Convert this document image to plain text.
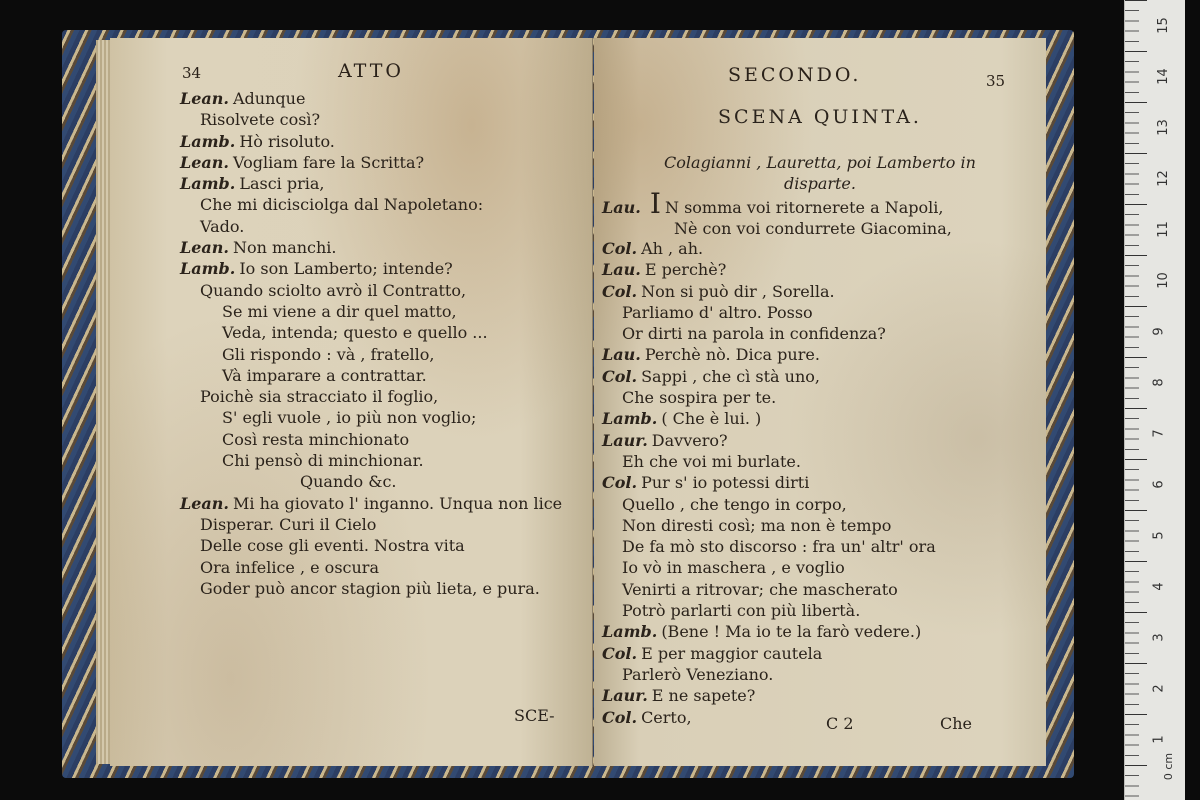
34	ATTO
Lean. Adunque
Risolvete così?
Lamb. Hò risoluto.
Lean. Vogliam fare la Scritta?
Lamb. Lasci pria,
Che mi dicisciolga dal Napoletano:
Vado.
Lean. Non manchi.
Lamb. Io son Lamberto; intende?
Quando sciolto avrò il Contratto,
Se mi viene a dir quel matto,
Veda, intenda; questo e quello ...
Gli rispondo : và , fratello,
Và imparare a contrattar.
Poichè sia stracciato il foglio,
S' egli vuole , io più non voglio;
Così resta minchionato
Chi pensò di minchionar.
Quando &c.
Lean. Mi ha giovato l' inganno. Unqua non lice
Disperar. Curi il Cielo
Delle cose gli eventi. Nostra vita
Ora infelice , e oscura
Goder può ancor stagion più lieta, e pura.
SCE-
SECONDO.	35
SCENA QUINTA.
Colagianni , Lauretta, poi Lamberto in
disparte.
Lau. I N somma voi ritornerete a Napoli,
Nè con voi condurrete Giacomina,
Col. Ah , ah.
Lau. E perchè?
Col. Non si può dir , Sorella.
Parliamo d' altro. Posso
Or dirti na parola in confidenza?
Lau. Perchè nò. Dica pure.
Col. Sappi , che cì stà uno,
Che sospira per te.
Lamb. ( Che è lui. )
Laur. Davvero?
Eh che voi mi burlate.
Col. Pur s' io potessi dirti
Quello , che tengo in corpo,
Non diresti così; ma non è tempo
De fa mò sto discorso : fra un' altr' ora
Io vò in maschera , e voglio
Venirti a ritrovar; che mascherato
Potrò parlarti con più libertà.
Lamb. (Bene ! Ma io te la farò vedere.)
Col. E per maggior cautela
Parlerò Veneziano.
Laur. E ne sapete?
Col. Certo,	C 2	Che
15
14
13
12
11
10
9
8
7
6
5
4
3
2
1
0 cm
